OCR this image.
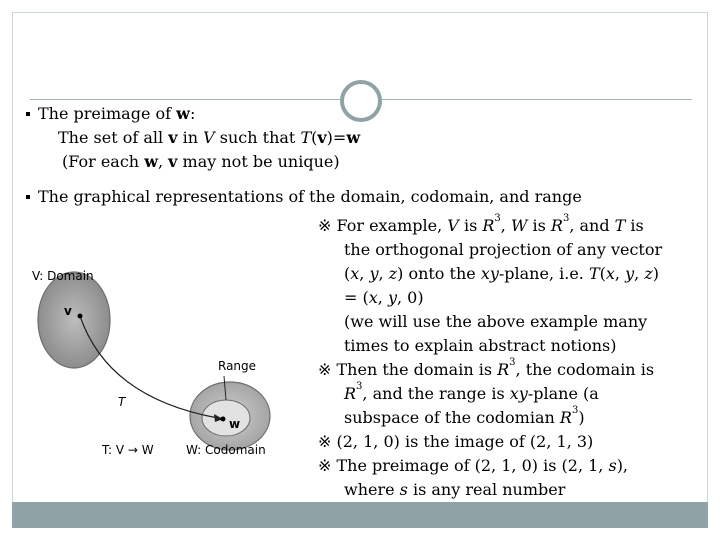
The preimage of w:
The set of all v in V such that T(v)=w
(For each w, v may not be unique)
The graphical representations of the domain, codomain, and range
※ For example, V is $R^3$, W is $R^3$, and T is
the orthogonal projection of any vector
(x, y, z) onto the xy-plane, i.e. T(x, y, z)
= (x, y, 0)
(we will use the above example many
times to explain abstract notions)
※ Then the domain is $R^3$, the codomain is
$R^3$, and the range is xy-plane (a
subspace of the codomian $R^3$)
※ (2, 1, 0) is the image of (2, 1, 3)
※ The preimage of (2, 1, 0) is (2, 1, s),
where s is any real number
V: Domain
v
Range
T
w
T: V → W	W: Codomain
